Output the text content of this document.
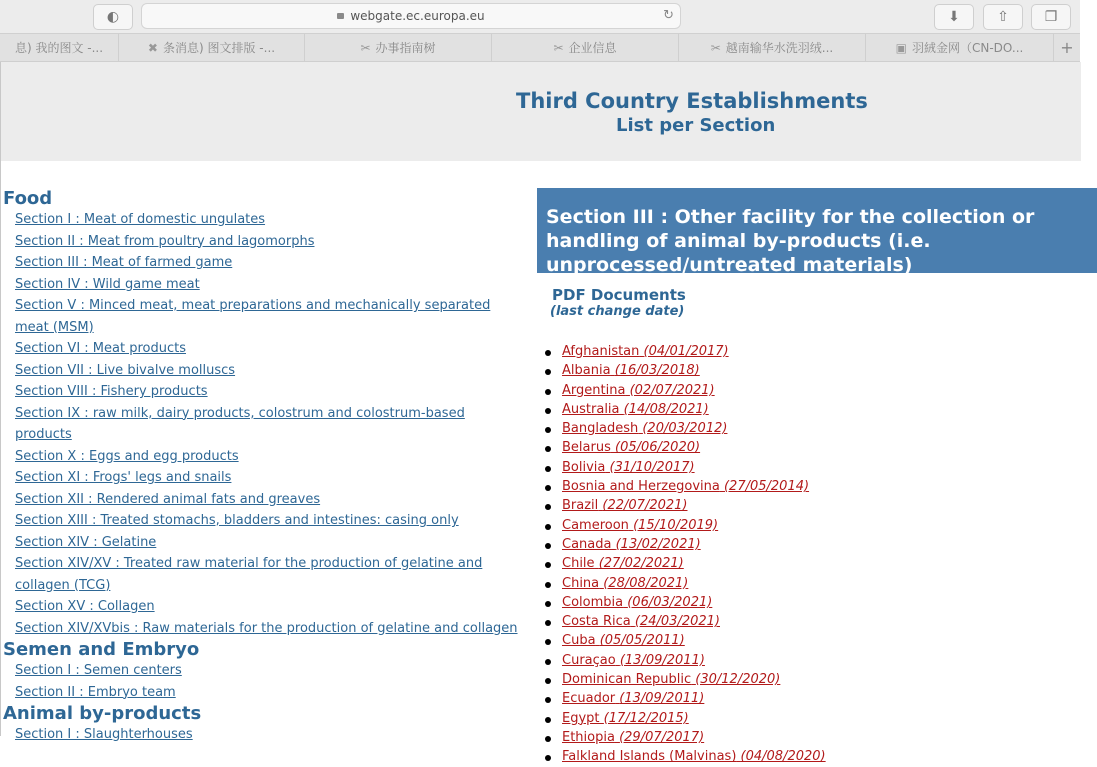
◐	webgate.ec.europa.eu	↻	⬇	⇧	❐
息) 我的图文 -...	✖ 条消息) 图文排版 -...	✂ 办事指南树	✂ 企业信息	✂ 越南输华水洗羽绒...	▣ 羽絨金网（CN-DO...	+
Third Country Establishments
List per Section
Food
Section I : Meat of domestic ungulates
Section II : Meat from poultry and lagomorphs
Section III : Meat of farmed game
Section IV : Wild game meat
Section V : Minced meat, meat preparations and mechanically separated meat (MSM)
Section VI : Meat products
Section VII : Live bivalve molluscs
Section VIII : Fishery products
Section IX : raw milk, dairy products, colostrum and colostrum-based products
Section X : Eggs and egg products
Section XI : Frogs' legs and snails
Section XII : Rendered animal fats and greaves
Section XIII : Treated stomachs, bladders and intestines: casing only
Section XIV : Gelatine
Section XIV/XV : Treated raw material for the production of gelatine and collagen (TCG)
Section XV : Collagen
Section XIV/XVbis : Raw materials for the production of gelatine and collagen
Semen and Embryo
Section I : Semen centers
Section II : Embryo team
Animal by-products
Section I : Slaughterhouses
Section III : Other facility for the collection or handling of animal by-products (i.e. unprocessed/untreated materials)
PDF Documents
(last change date)
Afghanistan (04/01/2017)
Albania (16/03/2018)
Argentina (02/07/2021)
Australia (14/08/2021)
Bangladesh (20/03/2012)
Belarus (05/06/2020)
Bolivia (31/10/2017)
Bosnia and Herzegovina (27/05/2014)
Brazil (22/07/2021)
Cameroon (15/10/2019)
Canada (13/02/2021)
Chile (27/02/2021)
China (28/08/2021)
Colombia (06/03/2021)
Costa Rica (24/03/2021)
Cuba (05/05/2011)
Curaçao (13/09/2011)
Dominican Republic (30/12/2020)
Ecuador (13/09/2011)
Egypt (17/12/2015)
Ethiopia (29/07/2017)
Falkland Islands (Malvinas) (04/08/2020)
